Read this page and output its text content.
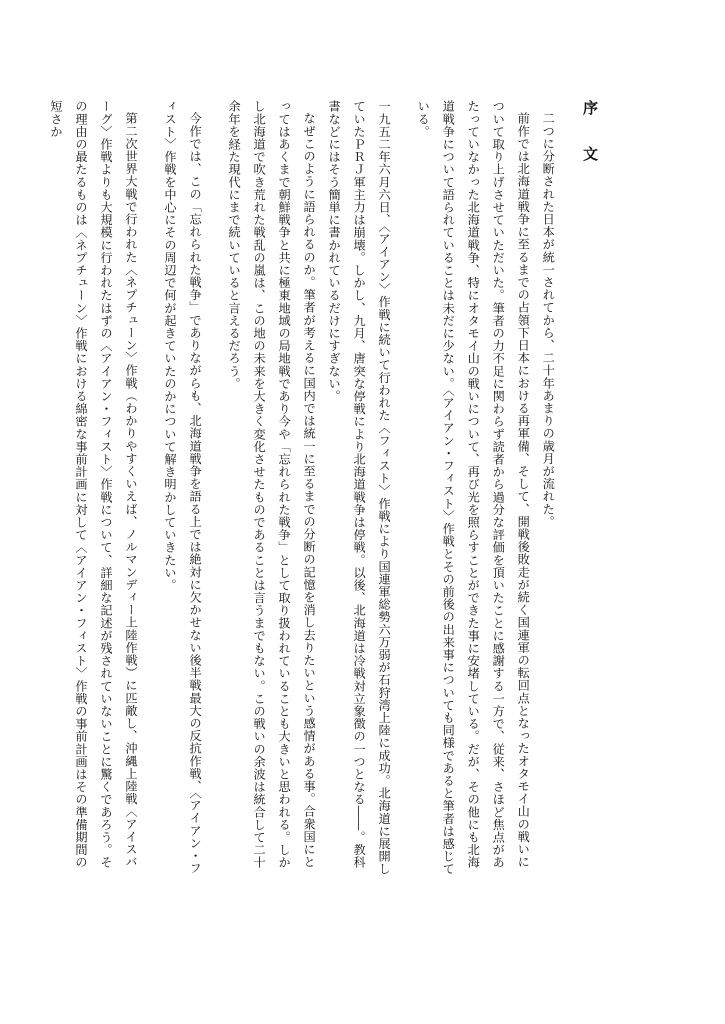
序　文

二つに分断された日本が統一されてから、二十年あまりの歳月が流れた。

前作では北海道戦争に至るまでの占領下日本における再軍備、そして、開戦後敗走が続く国連軍の転回点となったオタモイ山の戦いについて取り上げさせていただいた。筆者の力不足に関わらず読者から過分な評価を頂いたことに感謝する一方で、従来、さほど焦点があたっていなかった北海道戦争、特にオタモイ山の戦いについて、再び光を照らすことができた事に安堵している。だが、その他にも北海道戦争について語られていることは未だに少ない。〈アイアン・フィスト〉作戦とその前後の出来事についても同様であると筆者は感じている。

一九五二年六月六日、〈アイアン〉作戦に続いて行われた〈フィスト〉作戦により国連軍総勢六万弱が石狩湾上陸に成功。北海道に展開していたＰＲＪ軍主力は崩壊。しかし、九月、唐突な停戦により北海道戦争は停戦。以後、北海道は冷戦対立象徴の一つとなる――。教科書などにはそう簡単に書かれているだけにすぎない。

なぜこのように語られるのか。筆者が考えるに国内では統一に至るまでの分断の記憶を消し去りたいという感情がある事。合衆国にとってはあくまで朝鮮戦争と共に極東地域の局地戦であり今や「忘れられた戦争」として取り扱われていることも大きいと思われる。しかし北海道で吹き荒れた戦乱の嵐は、この地の未来を大きく変化させたものであることは言うまでもない。この戦いの余波は統合して二十余年を経た現代にまで続いていると言えるだろう。

今作では、この「忘れられた戦争」でありながらも、北海道戦争を語る上では絶対に欠かせない後半戦最大の反抗作戦、〈アイアン・フィスト〉作戦を中心にその周辺で何が起きていたのかについて解き明かしていきたい。

第二次世界大戦で行われた〈ネプチューン〉作戦（わかりやすくいえば、ノルマンディー上陸作戦）に匹敵し、沖縄上陸戦〈アイスバーグ〉作戦よりも大規模に行われたはずの〈アイアン・フィスト〉作戦について、詳細な記述が残されていないことに驚くであろう。その理由の最たるものは〈ネプチューン〉作戦における綿密な事前計画に対して〈アイアン・フィスト〉作戦の事前計画はその準備期間の短さか
